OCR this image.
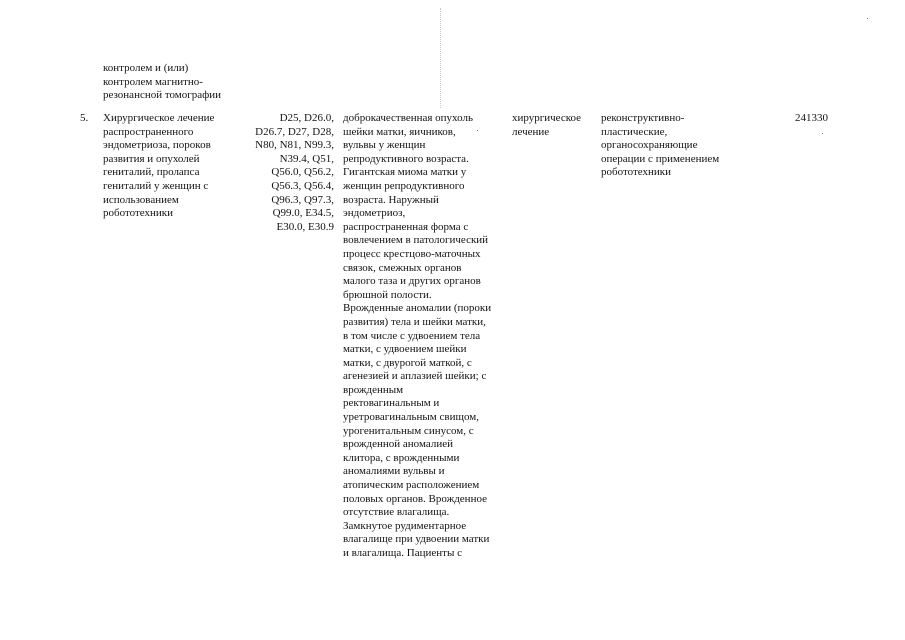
контролем и (или)
контролем магнитно-
резонансной томографии
5.	Хирургическое лечение
распространенного
эндометриоза, пороков
развития и опухолей
гениталий, пролапса
гениталий у женщин с
использованием
робототехники
D25, D26.0,
D26.7, D27, D28,
N80, N81, N99.3,
N39.4, Q51,
Q56.0, Q56.2,
Q56.3, Q56.4,
Q96.3, Q97.3,
Q99.0, E34.5,
E30.0, E30.9
доброкачественная опухоль
шейки матки, яичников,
вульвы у женщин
репродуктивного возраста.
Гигантская миома матки у
женщин репродуктивного
возраста. Наружный
эндометриоз,
распространенная форма с
вовлечением в патологический
процесс крестцово-маточных
связок, смежных органов
малого таза и других органов
брюшной полости.
Врожденные аномалии (пороки
развития) тела и шейки матки,
в том числе с удвоением тела
матки, с удвоением шейки
матки, с двурогой маткой, с
агенезией и аплазией шейки; с
врожденным
ректовагинальным и
уретровагинальным свищом,
урогенитальным синусом, с
врожденной аномалией
клитора, с врожденными
аномалиями вульвы и
атопическим расположением
половых органов. Врожденное
отсутствие влагалища.
Замкнутое рудиментарное
влагалище при удвоении матки
и влагалища. Пациенты с
хирургическое
лечение
реконструктивно-
пластические,
органосохраняющие
операции с применением
робототехники
241330
